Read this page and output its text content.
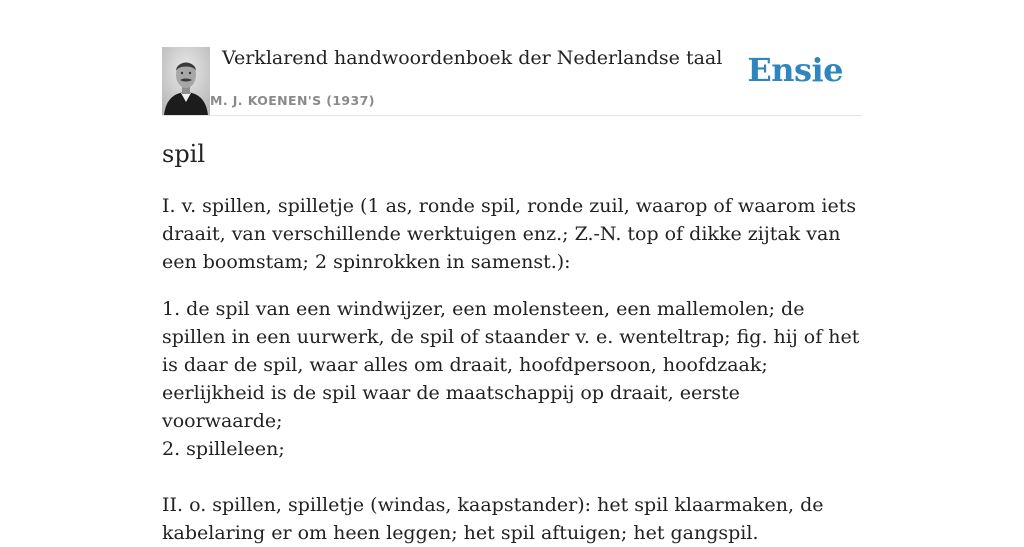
Verklarend handwoordenboek der Nederlandse taal
M. J. KOENEN'S (1937)
Ensie
spil

I. v. spillen, spilletje (1 as, ronde spil, ronde zuil, waarop of waarom iets draait, van verschillende werktuigen enz.; Z.-N. top of dikke zijtak van een boomstam; 2 spinrokken in samenst.):

1. de spil van een windwijzer, een molensteen, een mallemolen; de spillen in een uurwerk, de spil of staander v. e. wenteltrap; fig. hij of het is daar de spil, waar alles om draait, hoofdpersoon, hoofdzaak; eerlijkheid is de spil waar de maatschappij op draait, eerste voorwaarde;
2. spilleleen;
II. o. spillen, spilletje (windas, kaapstander): het spil klaarmaken, de kabelaring er om heen leggen; het spil aftuigen; het gangspil.
